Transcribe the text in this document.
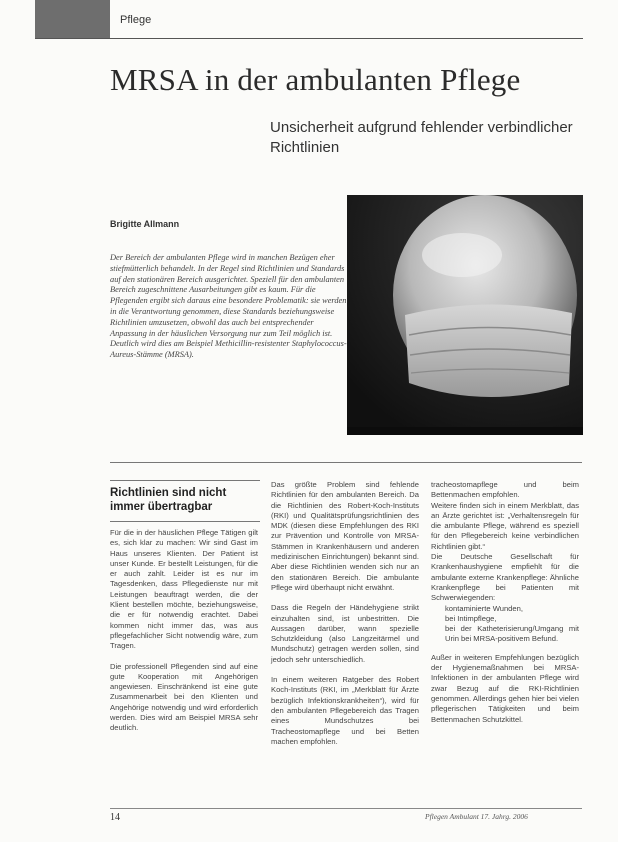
Pflege
MRSA in der ambulanten Pflege
Unsicherheit aufgrund fehlender verbindlicher Richtlinien
Brigitte Allmann

Der Bereich der ambulanten Pflege wird in manchen Bezügen eher stiefmütterlich behandelt. In der Regel sind Richtlinien und Standards auf den stationären Bereich ausgerichtet. Speziell für den ambulanten Bereich zugeschnittene Ausarbeitungen gibt es kaum. Für die Pflegenden ergibt sich daraus eine besondere Problematik: sie werden in die Verantwortung genommen, diese Standards beziehungsweise Richtlinien umzusetzen, obwohl das auch bei entsprechender Anpassung in der häuslichen Versorgung nur zum Teil möglich ist. Deutlich wird dies am Beispiel Methicillin-resistenter Staphylococcus-Aureus-Stämme (MRSA).

Richtlinien sind nicht immer übertragbar

Für die in der häuslichen Pflege Tätigen gilt es, sich klar zu machen: Wir sind Gast im Haus unseres Klienten. Der Patient ist unser Kunde. Er bestellt Leistungen, für die er auch zahlt. Leider ist es nur im Tagesdenken, dass Pflegedienste nur mit Leistungen beauftragt werden, die der Klient bestellen möchte, beziehungsweise, die er für notwendig erachtet. Dabei kommen nicht immer das, was aus pflegefachlicher Sicht notwendig wäre, zum Tragen.

Die professionell Pflegenden sind auf eine gute Kooperation mit Angehörigen angewiesen. Einschränkend ist eine gute Zusammenarbeit bei den Klienten und Angehörige notwendig und wird erforderlich werden. Dies wird am Beispiel MRSA sehr deutlich.

Das größte Problem sind fehlende Richtlinien für den ambulanten Bereich. Da die Richtlinien des Robert-Koch-Instituts (RKI) und Qualitätsprüfungsrichtlinien des MDK (diesen diese Empfehlungen des RKI zur Prävention und Kontrolle von MRSA-Stämmen in Krankenhäusern und anderen medizinischen Einrichtungen) bekannt sind. Aber diese Richtlinien wenden sich nur an den stationären Bereich. Die ambulante Pflege wird überhaupt nicht erwähnt.

Dass die Regeln der Händehygiene strikt einzuhalten sind, ist unbestritten. Die Aussagen darüber, wann spezielle Schutzkleidung (also Langzeitärmel und Mundschutz) getragen werden sollen, sind jedoch sehr unterschiedlich.

In einem weiteren Ratgeber des Robert Koch-Instituts (RKI, im „Merkblatt für Ärzte bezüglich Infektionskrankheiten“), wird für den ambulanten Pflegebereich das Tragen eines Mundschutzes bei Tracheostomapflege und bei Betten machen empfohlen.

tracheostomapflege und beim Bettenmachen empfohlen.

Weitere finden sich in einem Merkblatt, das an Ärzte gerichtet ist: „Verhaltensregeln für die ambulante Pflege, während es speziell für den Pflegebereich keine verbindlichen Richtlinien gibt.“

Die Deutsche Gesellschaft für Krankenhaushygiene empfiehlt für die ambulante externe Krankenpflege: Ähnliche Krankenpflege bei Patienten mit Schwerwiegenden:

kontaminierte Wunden,

bei Intimpflege,

bei der Katheterisierung/Umgang mit Urin bei MRSA-positivem Befund.

Außer in weiteren Empfehlungen bezüglich der Hygienemaßnahmen bei MRSA-Infektionen in der ambulanten Pflege wird zwar Bezug auf die RKI-Richtlinien genommen. Allerdings gehen hier bei vielen pflegerischen Tätigkeiten und beim Bettenmachen Schutzkittel.

14	Pflegen Ambulant 17. Jahrg. 2006
